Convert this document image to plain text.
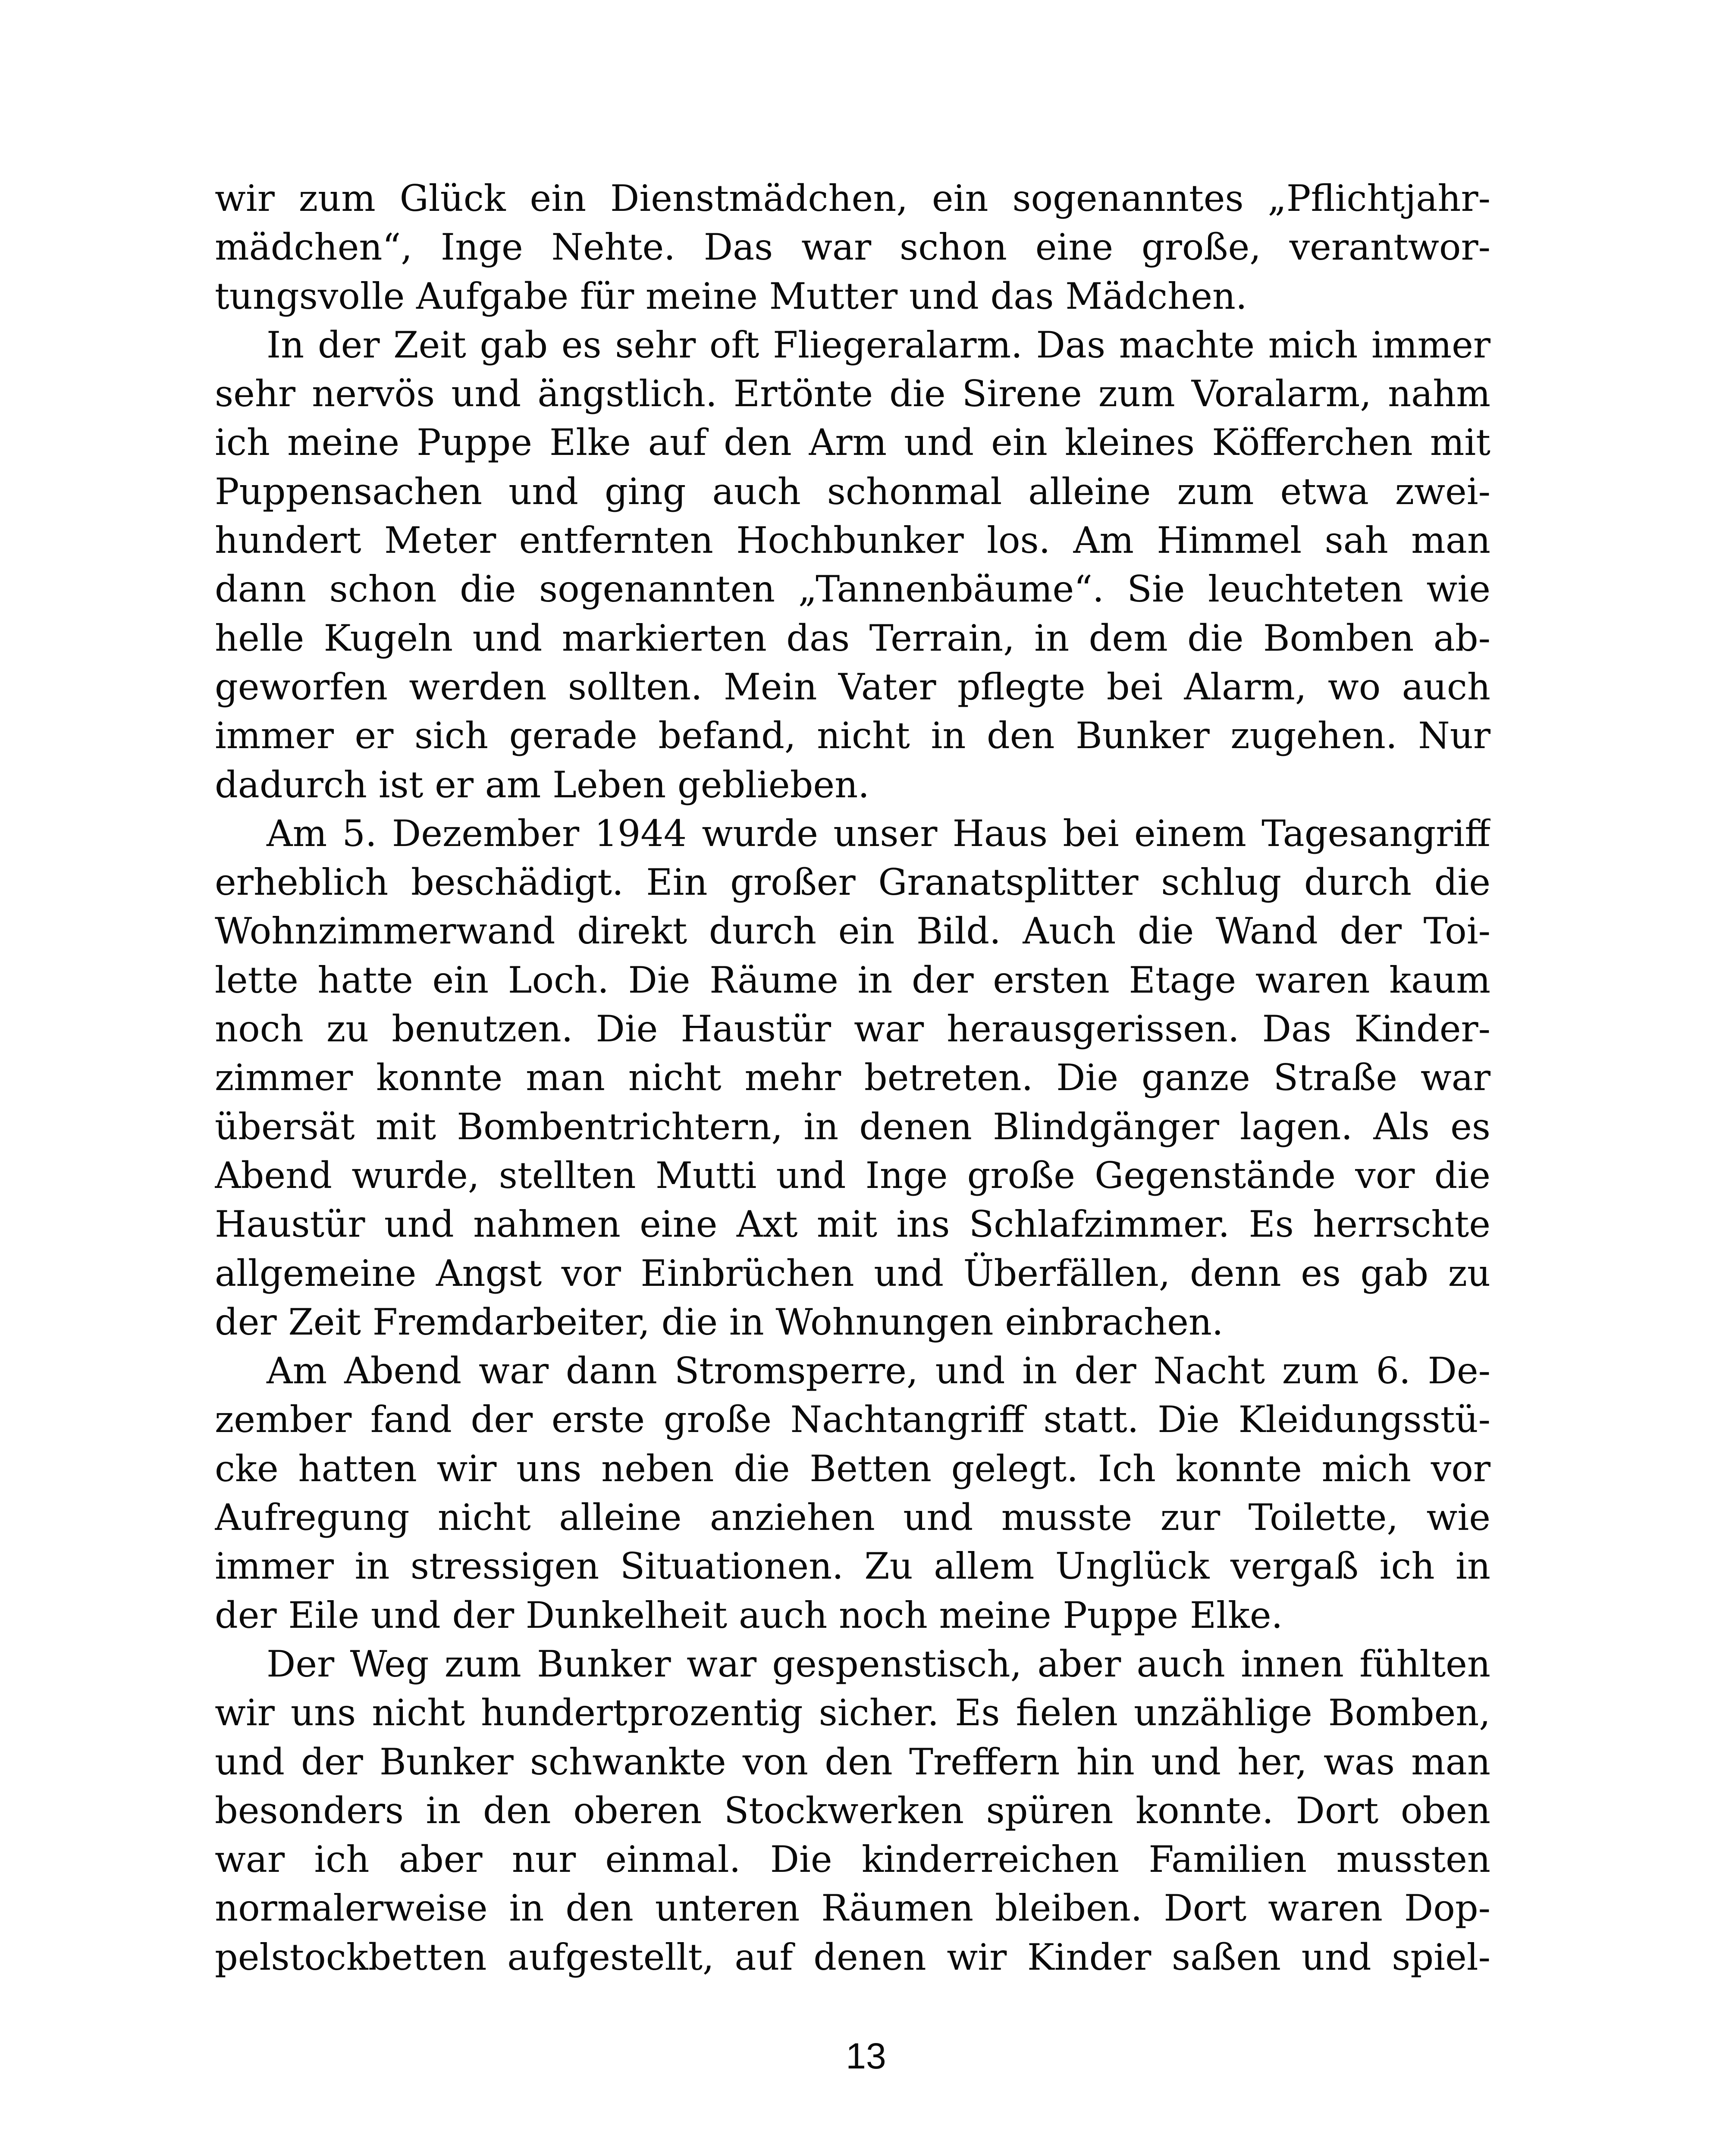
wir zum Glück ein Dienstmädchen, ein sogenanntes „Pflichtjahr-
mädchen“, Inge Nehte. Das war schon eine große, verantwor-
tungsvolle Aufgabe für meine Mutter und das Mädchen.
In der Zeit gab es sehr oft Fliegeralarm. Das machte mich immer
sehr nervös und ängstlich. Ertönte die Sirene zum Voralarm, nahm
ich meine Puppe Elke auf den Arm und ein kleines Köfferchen mit
Puppensachen und ging auch schonmal alleine zum etwa zwei-
hundert Meter entfernten Hochbunker los. Am Himmel sah man
dann schon die sogenannten „Tannenbäume“. Sie leuchteten wie
helle Kugeln und markierten das Terrain, in dem die Bomben ab-
geworfen werden sollten. Mein Vater pflegte bei Alarm, wo auch
immer er sich gerade befand, nicht in den Bunker zugehen. Nur
dadurch ist er am Leben geblieben.
Am 5. Dezember 1944 wurde unser Haus bei einem Tagesangriff
erheblich beschädigt. Ein großer Granatsplitter schlug durch die
Wohnzimmerwand direkt durch ein Bild. Auch die Wand der Toi-
lette hatte ein Loch. Die Räume in der ersten Etage waren kaum
noch zu benutzen. Die Haustür war herausgerissen. Das Kinder-
zimmer konnte man nicht mehr betreten. Die ganze Straße war
übersät mit Bombentrichtern, in denen Blindgänger lagen. Als es
Abend wurde, stellten Mutti und Inge große Gegenstände vor die
Haustür und nahmen eine Axt mit ins Schlafzimmer. Es herrschte
allgemeine Angst vor Einbrüchen und Überfällen, denn es gab zu
der Zeit Fremdarbeiter, die in Wohnungen einbrachen.
Am Abend war dann Stromsperre, und in der Nacht zum 6. De-
zember fand der erste große Nachtangriff statt. Die Kleidungsstü-
cke hatten wir uns neben die Betten gelegt. Ich konnte mich vor
Aufregung nicht alleine anziehen und musste zur Toilette, wie
immer in stressigen Situationen. Zu allem Unglück vergaß ich in
der Eile und der Dunkelheit auch noch meine Puppe Elke.
Der Weg zum Bunker war gespenstisch, aber auch innen fühlten
wir uns nicht hundertprozentig sicher. Es fielen unzählige Bomben,
und der Bunker schwankte von den Treffern hin und her, was man
besonders in den oberen Stockwerken spüren konnte. Dort oben
war ich aber nur einmal. Die kinderreichen Familien mussten
normalerweise in den unteren Räumen bleiben. Dort waren Dop-
pelstockbetten aufgestellt, auf denen wir Kinder saßen und spiel-
13
